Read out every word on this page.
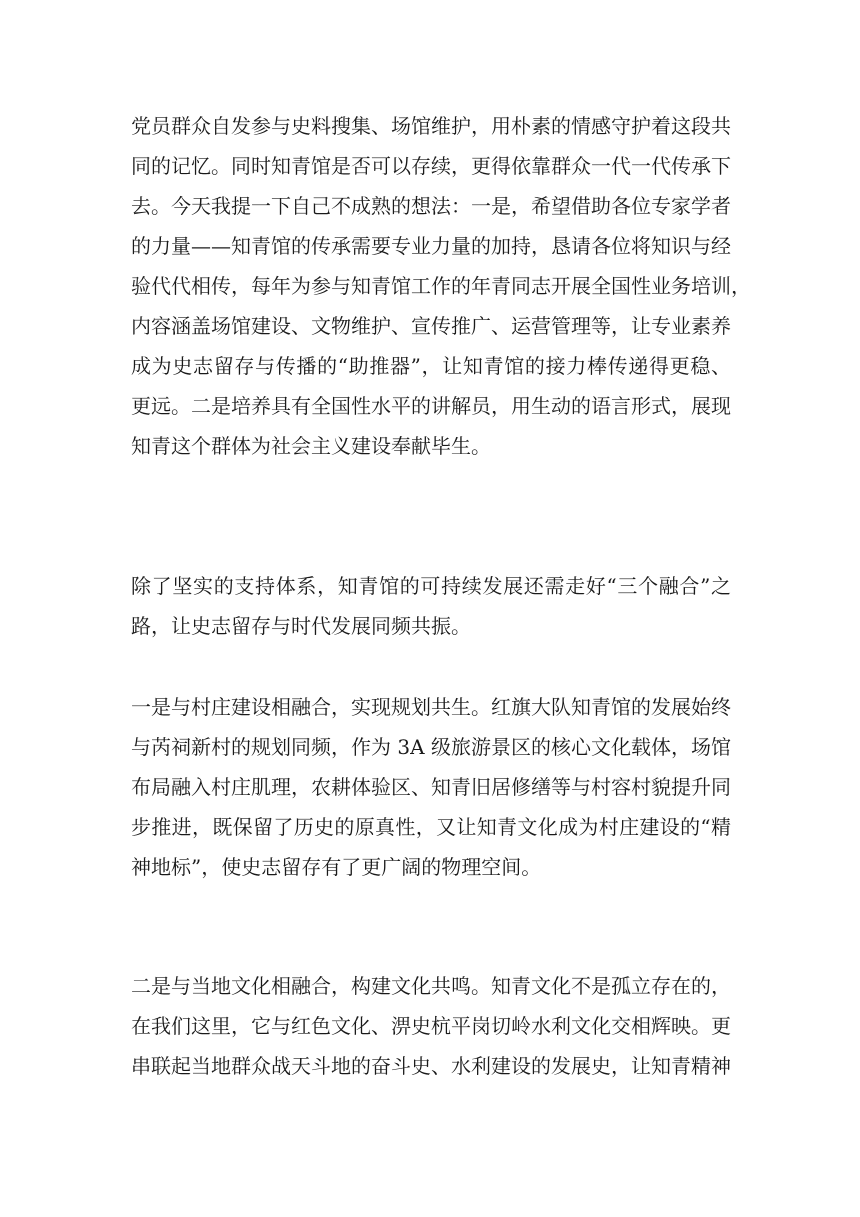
党员群众自发参与史料搜集、场馆维护，用朴素的情感守护着这段共
同的记忆。同时知青馆是否可以存续，更得依靠群众一代一代传承下
去。今天我提一下自己不成熟的想法：一是，希望借助各位专家学者
的力量——知青馆的传承需要专业力量的加持，恳请各位将知识与经
验代代相传，每年为参与知青馆工作的年青同志开展全国性业务培训，
内容涵盖场馆建设、文物维护、宣传推广、运营管理等，让专业素养
成为史志留存与传播的“助推器”，让知青馆的接力棒传递得更稳、
更远。二是培养具有全国性水平的讲解员，用生动的语言形式，展现
知青这个群体为社会主义建设奉献毕生。
除了坚实的支持体系，知青馆的可持续发展还需走好“三个融合”之
路，让史志留存与时代发展同频共振。
一是与村庄建设相融合，实现规划共生。红旗大队知青馆的发展始终
与芮祠新村的规划同频，作为 3A 级旅游景区的核心文化载体，场馆
布局融入村庄肌理，农耕体验区、知青旧居修缮等与村容村貌提升同
步推进，既保留了历史的原真性，又让知青文化成为村庄建设的“精
神地标”，使史志留存有了更广阔的物理空间。
二是与当地文化相融合，构建文化共鸣。知青文化不是孤立存在的，
在我们这里，它与红色文化、淠史杭平岗切岭水利文化交相辉映。更
串联起当地群众战天斗地的奋斗史、水利建设的发展史，让知青精神
